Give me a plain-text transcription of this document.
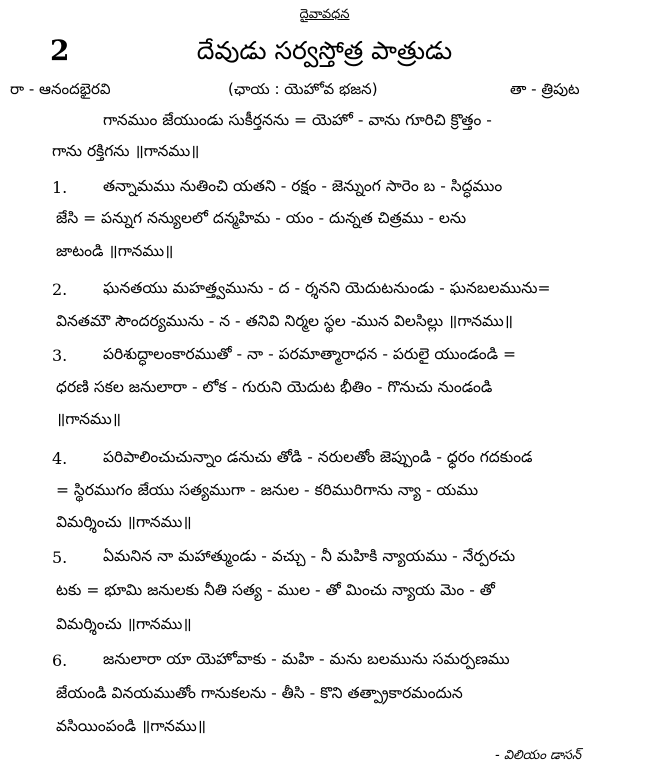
దైవావధన
2	దేవుడు సర్వస్తోత్ర పాత్రుడు
రా - ఆనందభైరవి	(ఛాయ : యెహోవ భజన)	తా - త్రిపుట
గానముం జేయుండు సుకీర్తనను = యెహో - వాను గూరిచి క్రొత్తం -
గాను రక్తిగను ॥గానము॥
1. తన్నామము నుతించి యతని - రక్షం - జెన్నుంగ సారెం బ - సిద్ధముం
జేసి = పన్నుగ నన్యులలో దన్మహిమ - యం - దున్నత చిత్రము - లను
జాటండి ॥గానము॥
2. ఘనతయు మహత్త్వమును - ద - ర్శనని యెదుటనుండు - ఘనబలమును=
వినతమౌ సౌందర్యమును - న - తనివి నిర్మల స్థల -మున విలసిల్లు ॥గానము॥
3. పరిశుద్ధాలంకారముతో - నా - పరమాత్మారాధన - పరులై యుండండి =
ధరణి సకల జనులారా - లోక - గురుని యెదుట భీతిం - గొనుచు నుండండి
॥గానము॥
4. పరిపాలించుచున్నాం డనుచు తోడి - నరులతోం జెప్పుండి - ధ్ధరం గదకుండ
= స్థిరముగం జేయు సత్యముగా - జనుల - కరిమురిగాను న్యా - యము
విమర్శించు ॥గానము॥
5. ఏమనిన నా మహాత్ముండు - వచ్చు - నీ మహికి న్యాయము - నేర్పరచు
టకు = భూమి జనులకు నీతి సత్య - ముల - తో మించు న్యాయ మెం - తో
విమర్శించు ॥గానము॥
6. జనులారా యా యెహోవాకు - మహి - మను బలమును సమర్పణము
జేయండి వినయముతోం గానుకలను - తీసి - కొని తత్ప్రాకారమందున
వసియింపండి ॥గానము॥
- విలియం డాసన్
